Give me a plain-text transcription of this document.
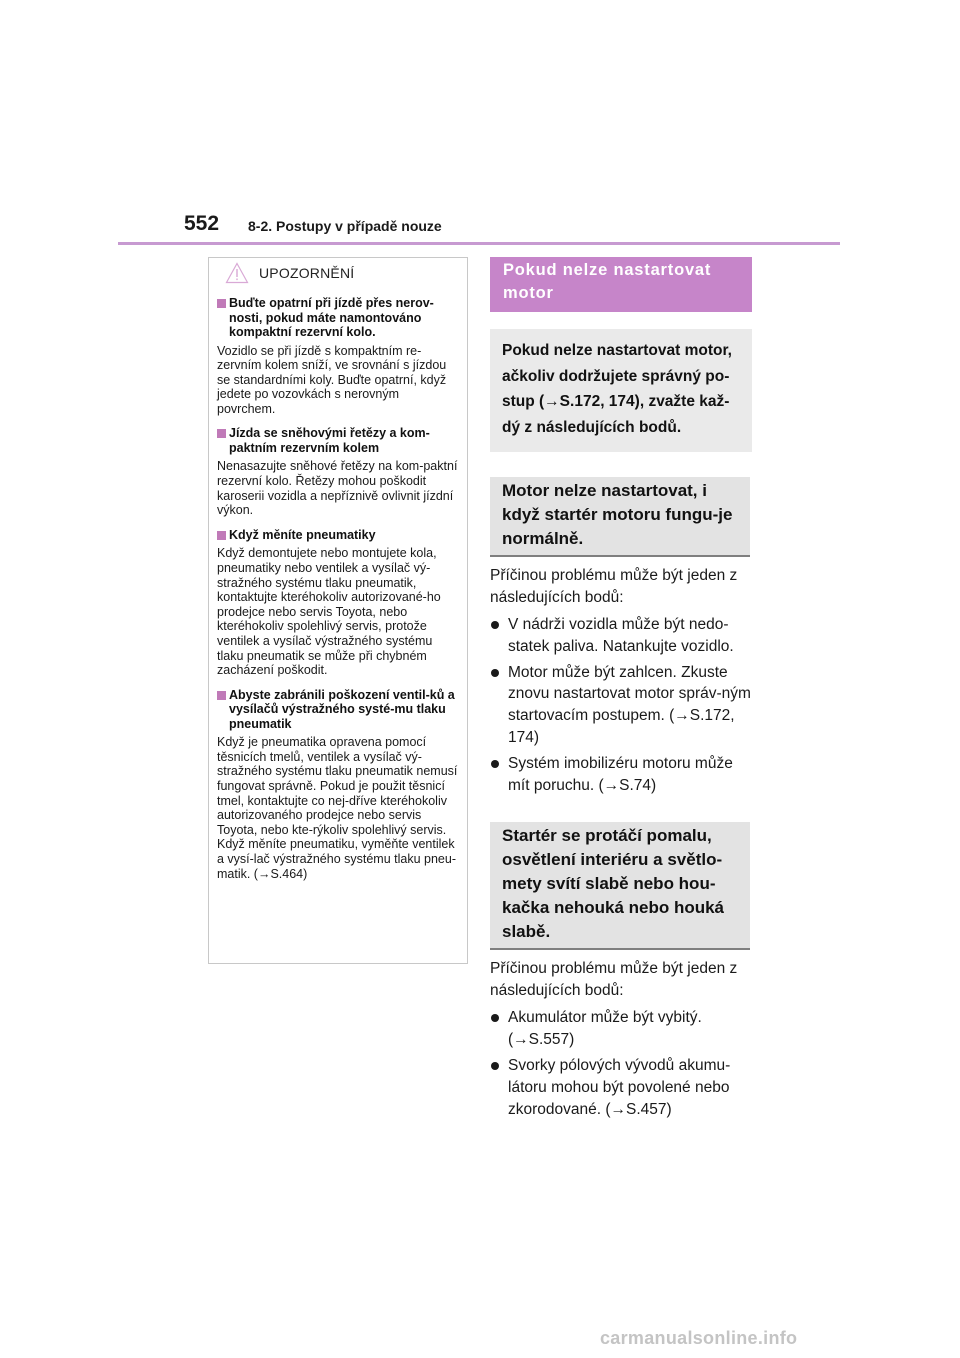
552 8-2. Postupy v případě nouze
UPOZORNĚNÍ
Buďte opatrní při jízdě přes nerov-nosti, pokud máte namontováno kompaktní rezervní kolo.
Vozidlo se při jízdě s kompaktním re-zervním kolem sníží, ve srovnání s jízdou se standardními koly. Buďte opatrní, když jedete po vozovkách s nerovným povrchem.
Jízda se sněhovými řetězy a kom-paktním rezervním kolem
Nenasazujte sněhové řetězy na kom-paktní rezervní kolo. Řetězy mohou poškodit karoserii vozidla a nepříznivě ovlivnit jízdní výkon.
Když měníte pneumatiky
Když demontujete nebo montujete kola, pneumatiky nebo ventilek a vysílač vý-stražného systému tlaku pneumatik, kontaktujte kteréhokoliv autorizované-ho prodejce nebo servis Toyota, nebo kteréhokoliv spolehlivý servis, protože ventilek a vysílač výstražného systému tlaku pneumatik se může při chybném zacházení poškodit.
Abyste zabránili poškození ventil-ků a vysílačů výstražného systé-mu tlaku pneumatik
Když je pneumatika opravena pomocí těsnicích tmelů, ventilek a vysílač vý-stražného systému tlaku pneumatik nemusí fungovat správně. Pokud je použit těsnicí tmel, kontaktujte co nej-dříve kteréhokoliv autorizovaného prodejce nebo servis Toyota, nebo kte-rýkoliv spolehlivý servis. Když měníte pneumatiku, vyměňte ventilek a vysí-lač výstražného systému tlaku pneu-matik. (→S.464)
Pokud nelze nastartovat motor
Pokud nelze nastartovat motor, ačkoliv dodržujete správný po-stup (→S.172, 174), zvažte kaž-dý z následujících bodů.
Motor nelze nastartovat, i když startér motoru fungu-je normálně.
Příčinou problému může být jeden z následujících bodů:
V nádrži vozidla může být nedo-statek paliva. Natankujte vozidlo.
Motor může být zahlcen. Zkuste znovu nastartovat motor správ-ným startovacím postupem. (→S.172, 174)
Systém imobilizéru motoru může mít poruchu. (→S.74)
Startér se protáčí pomalu, osvětlení interiéru a světlo-mety svítí slabě nebo hou-kačka nehouká nebo houká slabě.
Příčinou problému může být jeden z následujících bodů:
Akumulátor může být vybitý. (→S.557)
Svorky pólových vývodů akumu-látoru mohou být povolené nebo zkorodované. (→S.457)
carmanualsonline.info
